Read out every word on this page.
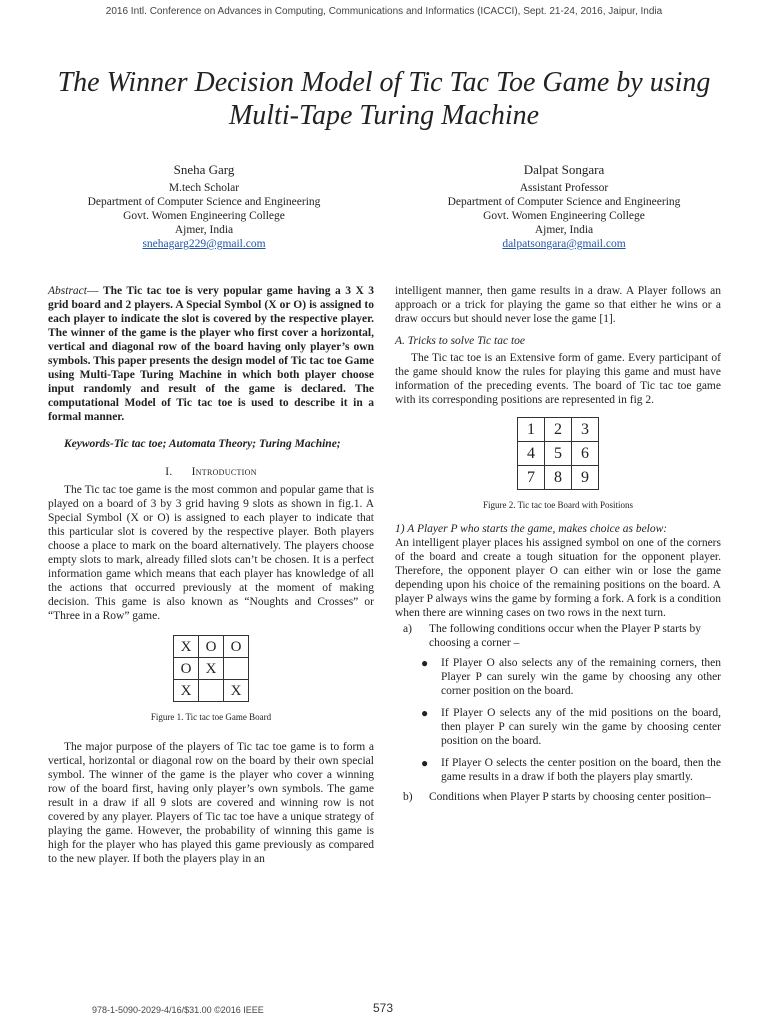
2016 Intl. Conference on Advances in Computing, Communications and Informatics (ICACCI), Sept. 21-24, 2016, Jaipur, India
The Winner Decision Model of Tic Tac Toe Game by using Multi-Tape Turing Machine
Sneha Garg
M.tech Scholar
Department of Computer Science and Engineering
Govt. Women Engineering College
Ajmer, India
snehagarg229@gmail.com
Dalpat Songara
Assistant Professor
Department of Computer Science and Engineering
Govt. Women Engineering College
Ajmer, India
dalpatsongara@gmail.com

Abstract— The Tic tac toe is very popular game having a 3 X 3 grid board and 2 players. A Special Symbol (X or O) is assigned to each player to indicate the slot is covered by the respective player. The winner of the game is the player who first cover a horizontal, vertical and diagonal row of the board having only player’s own symbols. This paper presents the design model of Tic tac toe Game using Multi-Tape Turing Machine in which both player choose input randomly and result of the game is declared. The computational Model of Tic tac toe is used to describe it in a formal manner.

Keywords-Tic tac toe; Automata Theory; Turing Machine;

I. Introduction

The Tic tac toe game is the most common and popular game that is played on a board of 3 by 3 grid having 9 slots as shown in fig.1. A Special Symbol (X or O) is assigned to each player to indicate that this particular slot is covered by the respective player. Both players choose a place to mark on the board alternatively. The players choose empty slots to mark, already filled slots can’t be chosen. It is a perfect information game which means that each player has knowledge of all the actions that occurred previously at the moment of making decision. This game is also known as “Noughts and Crosses” or “Three in a Row” game.

X	O	O
O	X	
X		X
Figure 1. Tic tac toe Game Board

The major purpose of the players of Tic tac toe game is to form a vertical, horizontal or diagonal row on the board by their own special symbol. The winner of the game is the player who cover a winning row of the board first, having only player’s own symbols. The game result in a draw if all 9 slots are covered and winning row is not covered by any player. Players of Tic tac toe have a unique strategy of playing the game. However, the probability of winning this game is high for the player who has played this game previously as compared to the new player. If both the players play in an

intelligent manner, then game results in a draw. A Player follows an approach or a trick for playing the game so that either he wins or a draw occurs but should never lose the game [1].

A. Tricks to solve Tic tac toe

The Tic tac toe is an Extensive form of game. Every participant of the game should know the rules for playing this game and must have information of the preceding events. The board of Tic tac toe game with its corresponding positions are represented in fig 2.

1	2	3
4	5	6
7	8	9
Figure 2. Tic tac toe Board with Positions

1) A Player P who starts the game, makes choice as below:

An intelligent player places his assigned symbol on one of the corners of the board and create a tough situation for the opponent player. Therefore, the opponent player O can either win or lose the game depending upon his choice of the remaining positions on the board. A player P always wins the game by forming a fork. A fork is a condition when there are winning cases on two rows in the next turn.

a)	The following conditions occur when the Player P starts by choosing a corner –
●	If Player O also selects any of the remaining corners, then Player P can surely win the game by choosing any other corner position on the board.
●	If Player O selects any of the mid positions on the board, then player P can surely win the game by choosing center position on the board.
●	If Player O selects the center position on the board, then the game results in a draw if both the players play smartly.
b)	Conditions when Player P starts by choosing center position–
978-1-5090-2029-4/16/$31.00 ©2016 IEEE	573
